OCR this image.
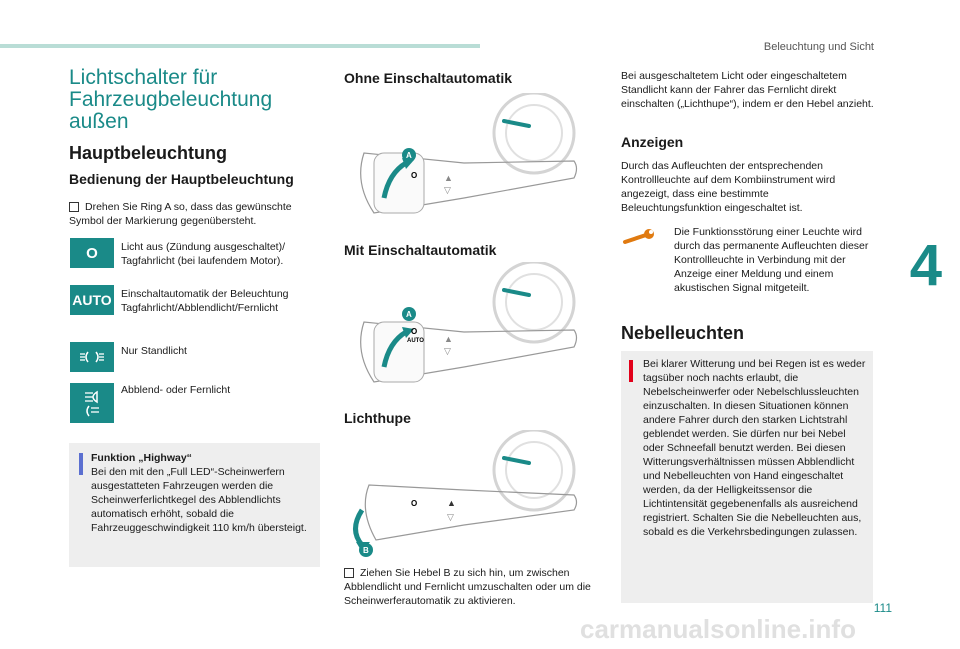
Beleuchtung und Sicht
4
111
Lichtschalter für Fahrzeugbeleuchtung außen
Hauptbeleuchtung
Bedienung der Hauptbeleuchtung
Drehen Sie Ring A so, dass das gewünschte Symbol der Markierung gegenübersteht.
O	Licht aus (Zündung ausgeschaltet)/ Tagfahrlicht (bei laufendem Motor).
AUTO Einschaltautomatik der Beleuchtung Tagfahrlicht/Abblendlicht/Fernlicht
Nur Standlicht
Abblend- oder Fernlicht
Funktion „Highway“
Bei den mit den „Full LED“-Scheinwerfern ausgestatteten Fahrzeugen werden die Scheinwerferlichtkegel des Abblendlichts automatisch erhöht, sobald die Fahrzeuggeschwindigkeit 110 km/h übersteigt.
Ohne Einschaltautomatik
A
O	▲
▽
Mit Einschaltautomatik
A
O
AUTO ▲
▽
Lichthupe
B
O	▲
▽
Ziehen Sie Hebel B zu sich hin, um zwischen Abblendlicht und Fernlicht umzuschalten oder um die Scheinwerferautomatik zu aktivieren.
Bei ausgeschaltetem Licht oder eingeschaltetem Standlicht kann der Fahrer das Fernlicht direkt einschalten („Lichthupe“), indem er den Hebel anzieht.
Anzeigen
Durch das Aufleuchten der entsprechenden Kontrollleuchte auf dem Kombiinstrument wird angezeigt, dass eine bestimmte Beleuchtungsfunktion eingeschaltet ist.
Die Funktionsstörung einer Leuchte wird durch das permanente Aufleuchten dieser Kontrollleuchte in Verbindung mit der Anzeige einer Meldung und einem akustischen Signal mitgeteilt.
Nebelleuchten
Bei klarer Witterung und bei Regen ist es weder tagsüber noch nachts erlaubt, die Nebelscheinwerfer oder Nebelschlussleuchten einzuschalten. In diesen Situationen können andere Fahrer durch den starken Lichtstrahl geblendet werden. Sie dürfen nur bei Nebel oder Schneefall benutzt werden. Bei diesen Witterungsverhältnissen müssen Abblendlicht und Nebelleuchten von Hand eingeschaltet werden, da der Helligkeitssensor die Lichtintensität gegebenenfalls als ausreichend registriert. Schalten Sie die Nebelleuchten aus, sobald es die Verkehrsbedingungen zulassen.
carmanualsonline.info
